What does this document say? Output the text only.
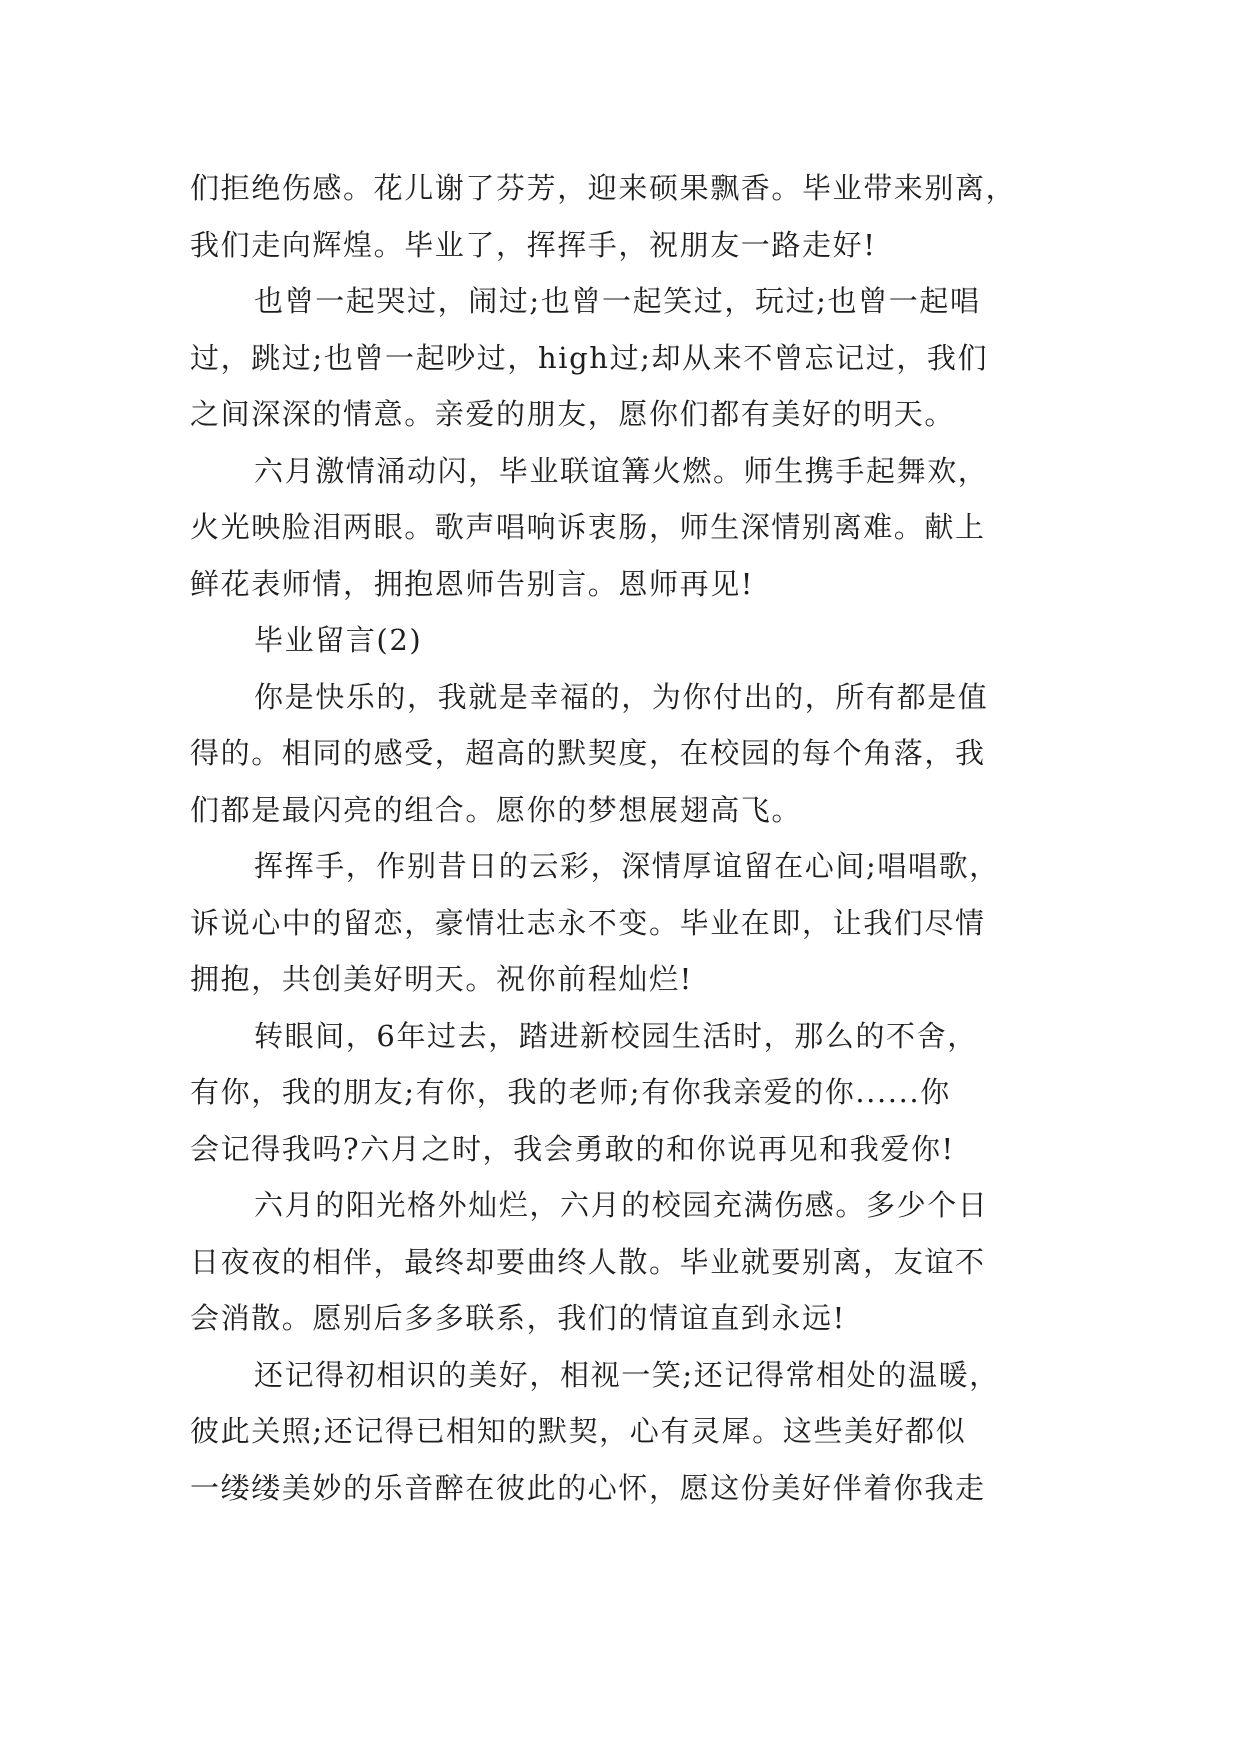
们拒绝伤感。花儿谢了芬芳，迎来硕果飘香。毕业带来别离，
我们走向辉煌。毕业了，挥挥手，祝朋友一路走好!
也曾一起哭过，闹过;也曾一起笑过，玩过;也曾一起唱
过，跳过;也曾一起吵过，high过;却从来不曾忘记过，我们
之间深深的情意。亲爱的朋友，愿你们都有美好的明天。
六月激情涌动闪，毕业联谊篝火燃。师生携手起舞欢，
火光映脸泪两眼。歌声唱响诉衷肠，师生深情别离难。献上
鲜花表师情，拥抱恩师告别言。恩师再见!
毕业留言(2)
你是快乐的，我就是幸福的，为你付出的，所有都是值
得的。相同的感受，超高的默契度，在校园的每个角落，我
们都是最闪亮的组合。愿你的梦想展翅高飞。
挥挥手，作别昔日的云彩，深情厚谊留在心间;唱唱歌，
诉说心中的留恋，豪情壮志永不变。毕业在即，让我们尽情
拥抱，共创美好明天。祝你前程灿烂!
转眼间，6年过去，踏进新校园生活时，那么的不舍，
有你，我的朋友;有你，我的老师;有你我亲爱的你......你
会记得我吗?六月之时，我会勇敢的和你说再见和我爱你!
六月的阳光格外灿烂，六月的校园充满伤感。多少个日
日夜夜的相伴，最终却要曲终人散。毕业就要别离，友谊不
会消散。愿别后多多联系，我们的情谊直到永远!
还记得初相识的美好，相视一笑;还记得常相处的温暖，
彼此关照;还记得已相知的默契，心有灵犀。这些美好都似
一缕缕美妙的乐音醉在彼此的心怀，愿这份美好伴着你我走
